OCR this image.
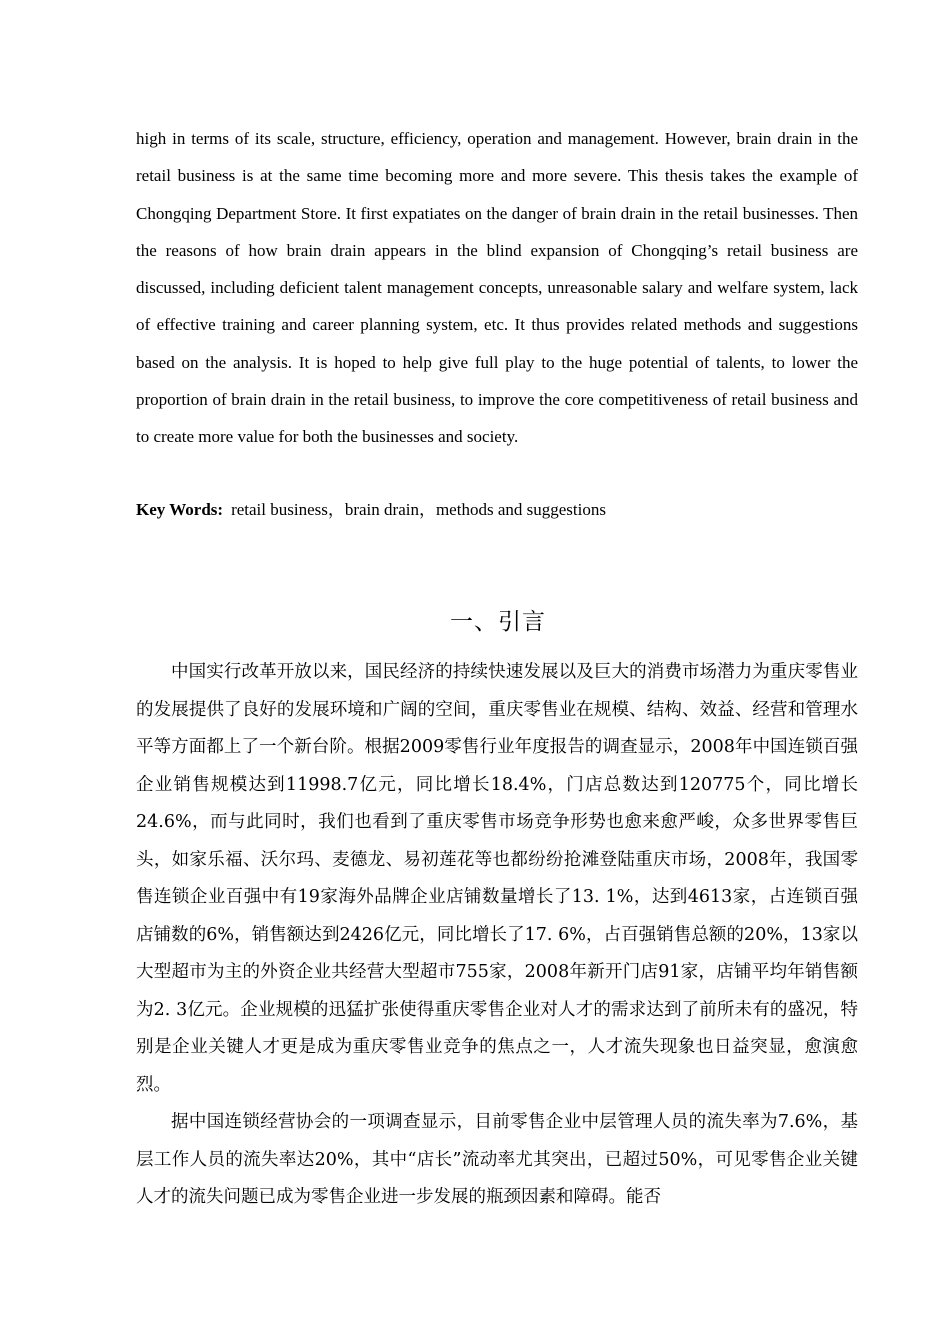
high in terms of its scale, structure, efficiency, operation and management. However, brain drain in the retail business is at the same time becoming more and more severe. This thesis takes the example of Chongqing Department Store. It first expatiates on the danger of brain drain in the retail businesses. Then the reasons of how brain drain appears in the blind expansion of Chongqing’s retail business are discussed, including deficient talent management concepts, unreasonable salary and welfare system, lack of effective training and career planning system, etc. It thus provides related methods and suggestions based on the analysis. It is hoped to help give full play to the huge potential of talents, to lower the proportion of brain drain in the retail business, to improve the core competitiveness of retail business and to create more value for both the businesses and society.

Key Words: retail business，brain drain，methods and suggestions
一、引言

中国实行改革开放以来，国民经济的持续快速发展以及巨大的消费市场潜力为重庆零售业的发展提供了良好的发展环境和广阔的空间，重庆零售业在规模、结构、效益、经营和管理水平等方面都上了一个新台阶。根据2009零售行业年度报告的调查显示，2008年中国连锁百强企业销售规模达到11998.7亿元，同比增长18.4%，门店总数达到120775个，同比增长24.6%，而与此同时，我们也看到了重庆零售市场竞争形势也愈来愈严峻，众多世界零售巨头，如家乐福、沃尔玛、麦德龙、易初莲花等也都纷纷抢滩登陆重庆市场，2008年，我国零售连锁企业百强中有19家海外品牌企业店铺数量增长了13. 1%，达到4613家，占连锁百强店铺数的6%，销售额达到2426亿元，同比增长了17. 6%，占百强销售总额的20%，13家以大型超市为主的外资企业共经营大型超市755家，2008年新开门店91家，店铺平均年销售额为2. 3亿元。企业规模的迅猛扩张使得重庆零售企业对人才的需求达到了前所未有的盛况，特别是企业关键人才更是成为重庆零售业竞争的焦点之一，人才流失现象也日益突显，愈演愈烈。

据中国连锁经营协会的一项调查显示，目前零售企业中层管理人员的流失率为7.6%，基层工作人员的流失率达20%，其中“店长”流动率尤其突出，已超过50%，可见零售企业关键人才的流失问题已成为零售企业进一步发展的瓶颈因素和障碍。能否
